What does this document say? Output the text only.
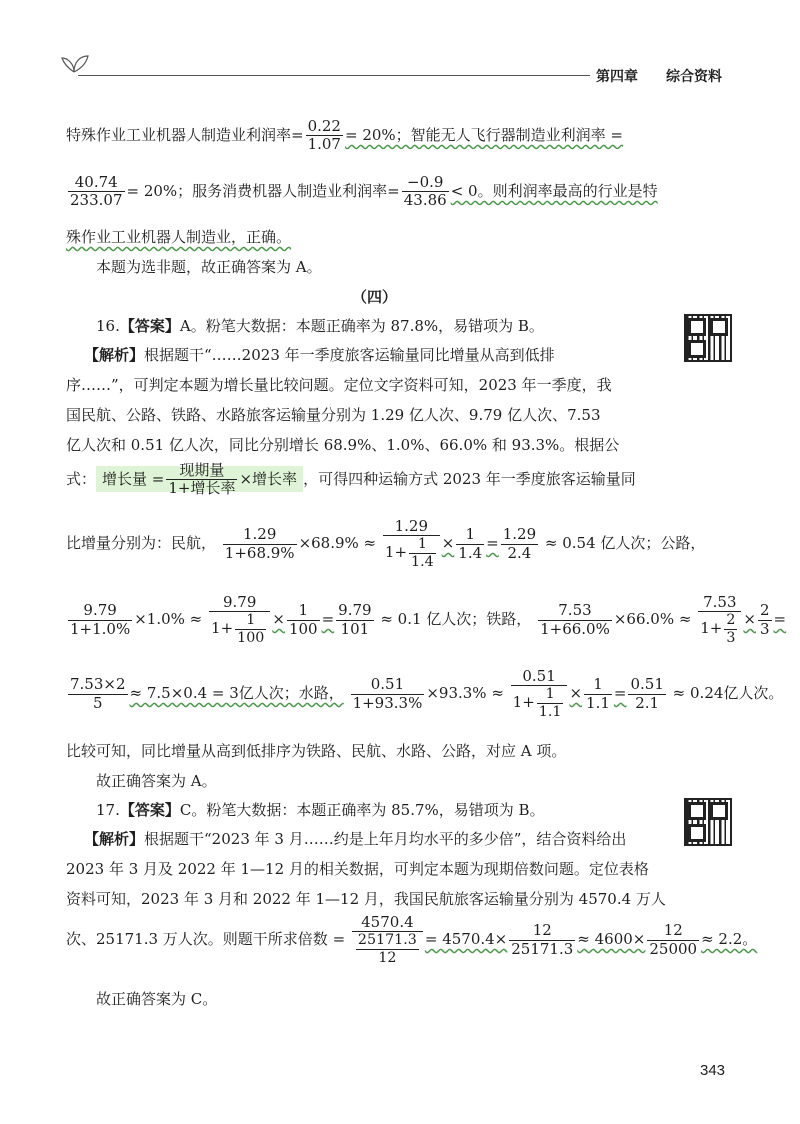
第四章 综合资料
特殊作业工业机器人制造业利润率= $\frac{0.22}{1.07} = 20\%$；智能无人飞行器制造业利润率 =
$\frac{40.74}{233.07} = 20\%$；服务消费机器人制造业利润率= $\frac{-0.9}{43.86} < 0$。则利润率最高的行业是特
殊作业工业机器人制造业，正确。
本题为选非题，故正确答案为 A。
（四）
16.【答案】A。粉笔大数据：本题正确率为 87.8%，易错项为 B。
【解析】根据题干“……2023 年一季度旅客运输量同比增量从高到低排
序……”，可判定本题为增长量比较问题。定位文字资料可知，2023 年一季度，我
国民航、公路、铁路、水路旅客运输量分别为 1.29 亿人次、9.79 亿人次、7.53
亿人次和 0.51 亿人次，同比分别增长 68.9%、1.0%、66.0% 和 93.3%。根据公
式： 增长量 = $\frac{\text{现期量}}{\text{1+增长率}}$ ×增长率 ，可得四种运输方式 2023 年一季度旅客运输量同
比增量分别为：民航， $\frac{1.29}{1+68.9\%} \times 68.9\% \approx \frac{1.29}{1+ \frac{1}{1.4}} \times \frac{1}{1.4} = \frac{1.29}{2.4} \approx 0.54$ 亿人次；公路，
$\frac{9.79}{1+1.0\%} \times 1.0\% \approx \frac{9.79}{1+ \frac{1}{100}} \times \frac{1}{100} = \frac{9.79}{101} \approx 0.1$ 亿人次；铁路， $\frac{7.53}{1+66.0\%} \times 66.0\% \approx \frac{7.53}{1+ \frac{2}{3}} \times \frac{2}{3}$ =
$\frac{7.53\times 2}{5} \approx 7.5\times 0.4 = 3$亿人次；水路， $\frac{0.51}{1+93.3\%} \times 93.3\% \approx \frac{0.51}{1+ \frac{1}{1.1}} \times \frac{1}{1.1} = \frac{0.51}{2.1} \approx 0.24$亿人次。
比较可知，同比增量从高到低排序为铁路、民航、水路、公路，对应 A 项。
故正确答案为 A。
17.【答案】C。粉笔大数据：本题正确率为 85.7%，易错项为 B。
【解析】根据题干“2023 年 3 月……约是上年月均水平的多少倍”，结合资料给出
2023 年 3 月及 2022 年 1—12 月的相关数据，可判定本题为现期倍数问题。定位表格
资料可知，2023 年 3 月和 2022 年 1—12 月，我国民航旅客运输量分别为 4570.4 万人
次、25171.3 万人次。则题干所求倍数 = $\frac{4570.4}{\frac{25171.3}{12}} = 4570.4\times \frac{12}{25171.3} \approx 4600\times \frac{12}{25000} \approx 2.2$。
故正确答案为 C。
343
